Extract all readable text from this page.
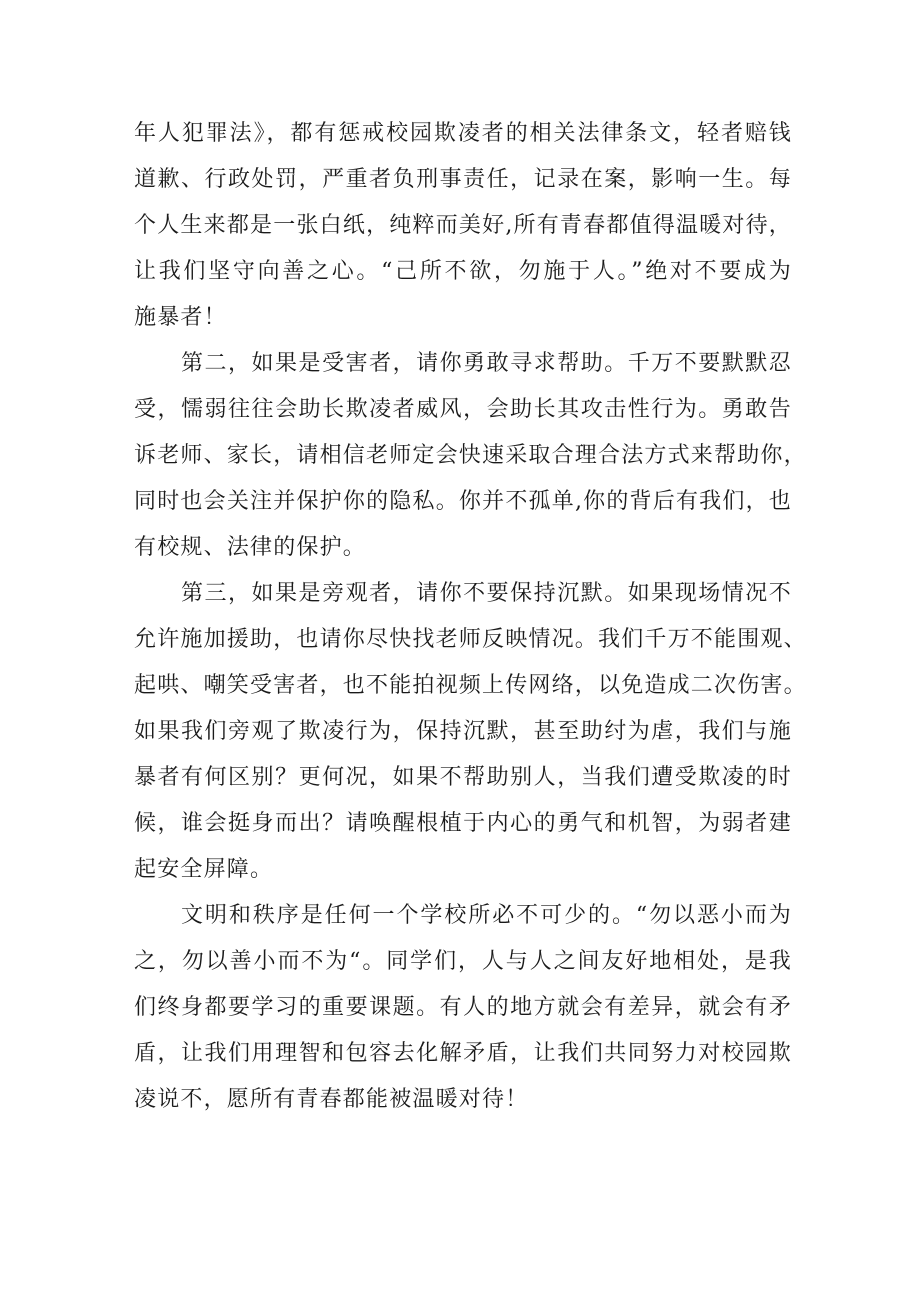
年人犯罪法》，都有惩戒校园欺凌者的相关法律条文，轻者赔钱
道歉、行政处罚，严重者负刑事责任，记录在案，影响一生。每
个人生来都是一张白纸，纯粹而美好,所有青春都值得温暖对待，
让我们坚守向善之心。“己所不欲，勿施于人。”绝对不要成为
施暴者！

第二，如果是受害者，请你勇敢寻求帮助。千万不要默默忍
受，懦弱往往会助长欺凌者威风，会助长其攻击性行为。勇敢告
诉老师、家长，请相信老师定会快速采取合理合法方式来帮助你，
同时也会关注并保护你的隐私。你并不孤单,你的背后有我们，也
有校规、法律的保护。

第三，如果是旁观者，请你不要保持沉默。如果现场情况不
允许施加援助，也请你尽快找老师反映情况。我们千万不能围观、
起哄、嘲笑受害者，也不能拍视频上传网络，以免造成二次伤害。
如果我们旁观了欺凌行为，保持沉默，甚至助纣为虐，我们与施
暴者有何区别？更何况，如果不帮助别人，当我们遭受欺凌的时
候，谁会挺身而出？请唤醒根植于内心的勇气和机智，为弱者建
起安全屏障。

文明和秩序是任何一个学校所必不可少的。“勿以恶小而为
之，勿以善小而不为“。同学们，人与人之间友好地相处，是我
们终身都要学习的重要课题。有人的地方就会有差异，就会有矛
盾，让我们用理智和包容去化解矛盾，让我们共同努力对校园欺
凌说不，愿所有青春都能被温暖对待！
